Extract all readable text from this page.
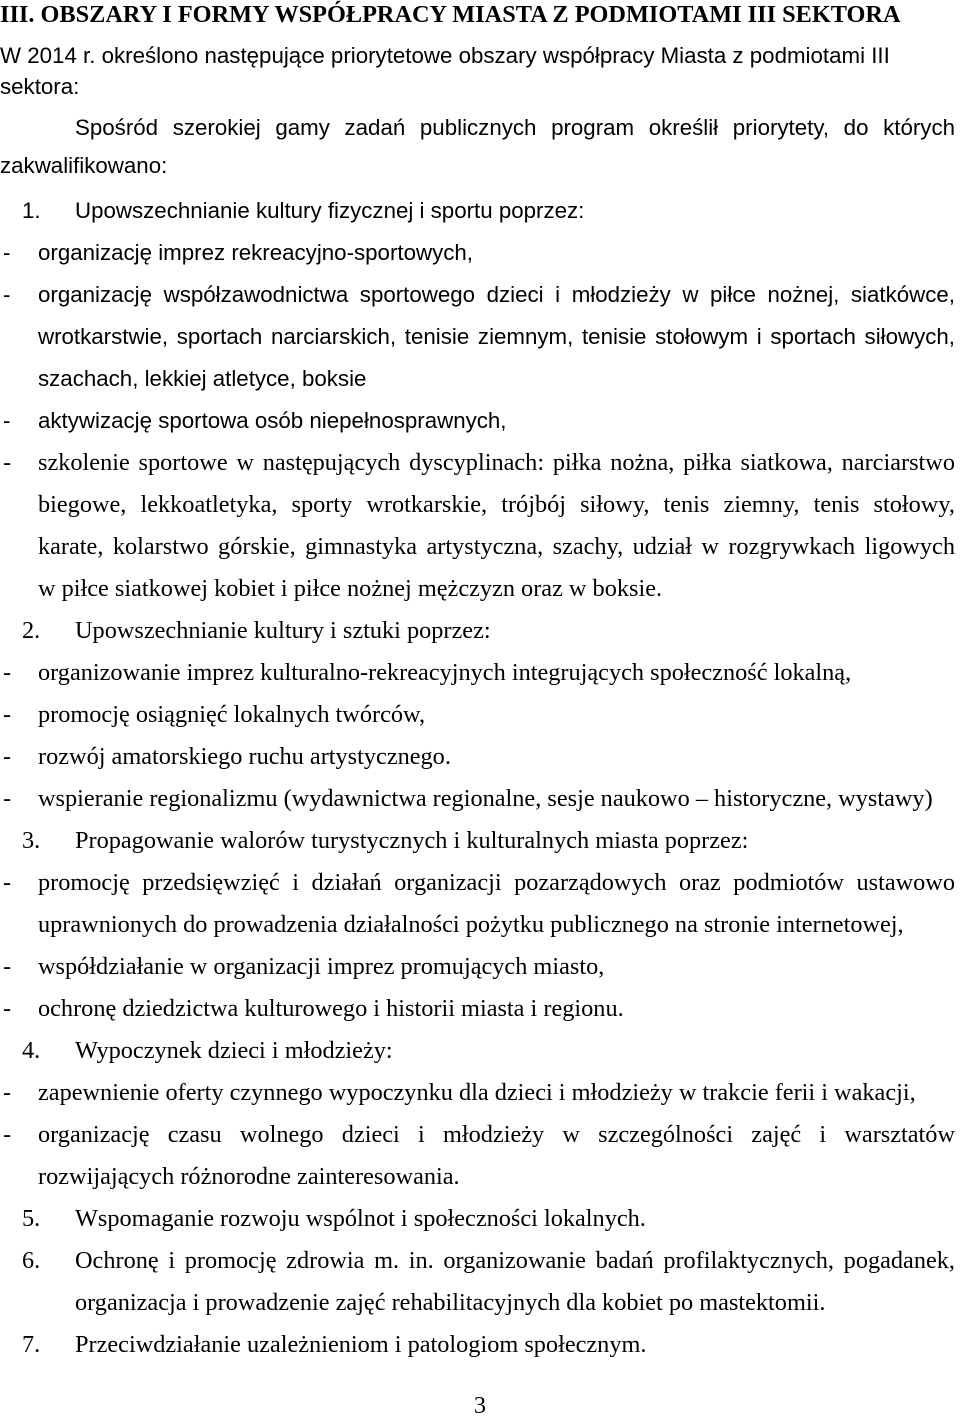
III. OBSZARY I FORMY WSPÓŁPRACY MIASTA Z PODMIOTAMI III SEKTORA
W 2014 r. określono następujące priorytetowe obszary współpracy Miasta z podmiotami III
sektora:
Spośród szerokiej gamy zadań publicznych program określił priorytety, do których
zakwalifikowano:
1. Upowszechnianie kultury fizycznej i sportu poprzez:
- organizację imprez rekreacyjno-sportowych,
- organizację współzawodnictwa sportowego dzieci i młodzieży w piłce nożnej, siatkówce,
wrotkarstwie, sportach narciarskich, tenisie ziemnym, tenisie stołowym i sportach siłowych,
szachach, lekkiej atletyce, boksie
- aktywizację sportowa osób niepełnosprawnych,
- szkolenie sportowe w następujących dyscyplinach: piłka nożna, piłka siatkowa, narciarstwo
biegowe, lekkoatletyka, sporty wrotkarskie, trójbój siłowy, tenis ziemny, tenis stołowy,
karate, kolarstwo górskie, gimnastyka artystyczna, szachy, udział w rozgrywkach ligowych
w piłce siatkowej kobiet i piłce nożnej mężczyzn oraz w boksie.
2. Upowszechnianie kultury i sztuki poprzez:
- organizowanie imprez kulturalno-rekreacyjnych integrujących społeczność lokalną,
- promocję osiągnięć lokalnych twórców,
- rozwój amatorskiego ruchu artystycznego.
- wspieranie regionalizmu (wydawnictwa regionalne, sesje naukowo – historyczne, wystawy)
3. Propagowanie walorów turystycznych i kulturalnych miasta poprzez:
- promocję przedsięwzięć i działań organizacji pozarządowych oraz podmiotów ustawowo
uprawnionych do prowadzenia działalności pożytku publicznego na stronie internetowej,
- współdziałanie w organizacji imprez promujących miasto,
- ochronę dziedzictwa kulturowego i historii miasta i regionu.
4. Wypoczynek dzieci i młodzieży:
- zapewnienie oferty czynnego wypoczynku dla dzieci i młodzieży w trakcie ferii i wakacji,
- organizację czasu wolnego dzieci i młodzieży w szczególności zajęć i warsztatów
rozwijających różnorodne zainteresowania.
5. Wspomaganie rozwoju wspólnot i społeczności lokalnych.
6. Ochronę i promocję zdrowia m. in. organizowanie badań profilaktycznych, pogadanek,
organizacja i prowadzenie zajęć rehabilitacyjnych dla kobiet po mastektomii.
7. Przeciwdziałanie uzależnieniom i patologiom społecznym.
3
